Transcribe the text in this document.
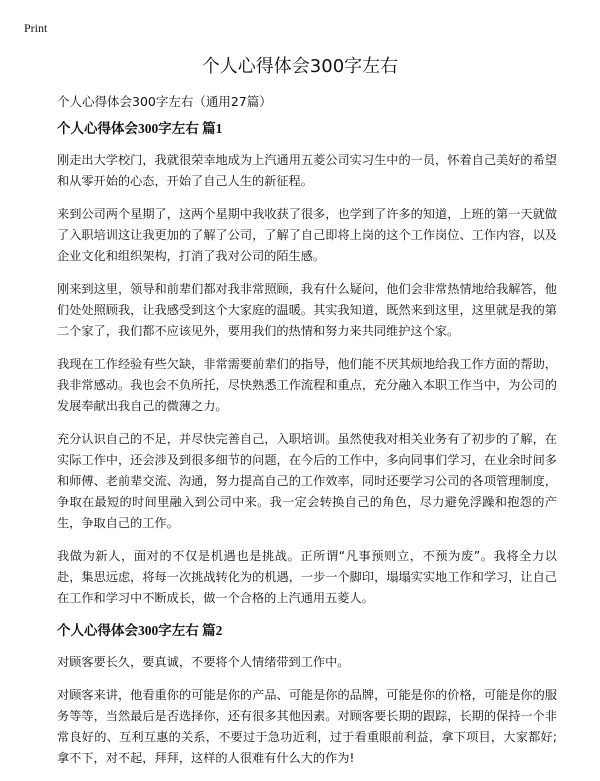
Print
个人心得体会300字左右

个人心得体会300字左右（通用27篇）

个人心得体会300字左右 篇1

刚走出大学校门，我就很荣幸地成为上汽通用五菱公司实习生中的一员，怀着自己美好的希望和从零开始的心态，开始了自己人生的新征程。

来到公司两个星期了，这两个星期中我收获了很多，也学到了许多的知道，上班的第一天就做了入职培训这让我更加的了解了公司，了解了自己即将上岗的这个工作岗位、工作内容，以及企业文化和组织架构，打消了我对公司的陌生感。

刚来到这里，领导和前辈们都对我非常照顾，我有什么疑问，他们会非常热情地给我解答，他们处处照顾我，让我感受到这个大家庭的温暖。其实我知道，既然来到这里，这里就是我的第二个家了，我们都不应该见外，要用我们的热情和努力来共同维护这个家。

我现在工作经验有些欠缺，非常需要前辈们的指导，他们能不厌其烦地给我工作方面的帮助，我非常感动。我也会不负所托，尽快熟悉工作流程和重点，充分融入本职工作当中，为公司的发展奉献出我自己的微薄之力。

充分认识自己的不足，并尽快完善自己，入职培训。虽然使我对相关业务有了初步的了解，在实际工作中，还会涉及到很多细节的问题，在今后的工作中，多向同事们学习，在业余时间多和师傅、老前辈交流、沟通，努力提高自己的工作效率，同时还要学习公司的各项管理制度，争取在最短的时间里融入到公司中来。我一定会转换自己的角色，尽力避免浮躁和抱怨的产生，争取自己的工作。

我做为新人，面对的不仅是机遇也是挑战。正所谓“凡事预则立，不预为废”。我将全力以赴，集思远虑，将每一次挑战转化为的机遇，一步一个脚印，塌塌实实地工作和学习，让自己在工作和学习中不断成长，做一个合格的上汽通用五菱人。

个人心得体会300字左右 篇2

对顾客要长久，要真诚，不要将个人情绪带到工作中。

对顾客来讲，他看重你的可能是你的产品、可能是你的品牌，可能是你的价格，可能是你的服务等等，当然最后是否选择你，还有很多其他因素。对顾客要长期的跟踪，长期的保持一个非常良好的、互利互惠的关系，不要过于急功近利，过于看重眼前利益，拿下项目，大家都好;拿不下，对不起，拜拜，这样的人很难有什么大的作为!
